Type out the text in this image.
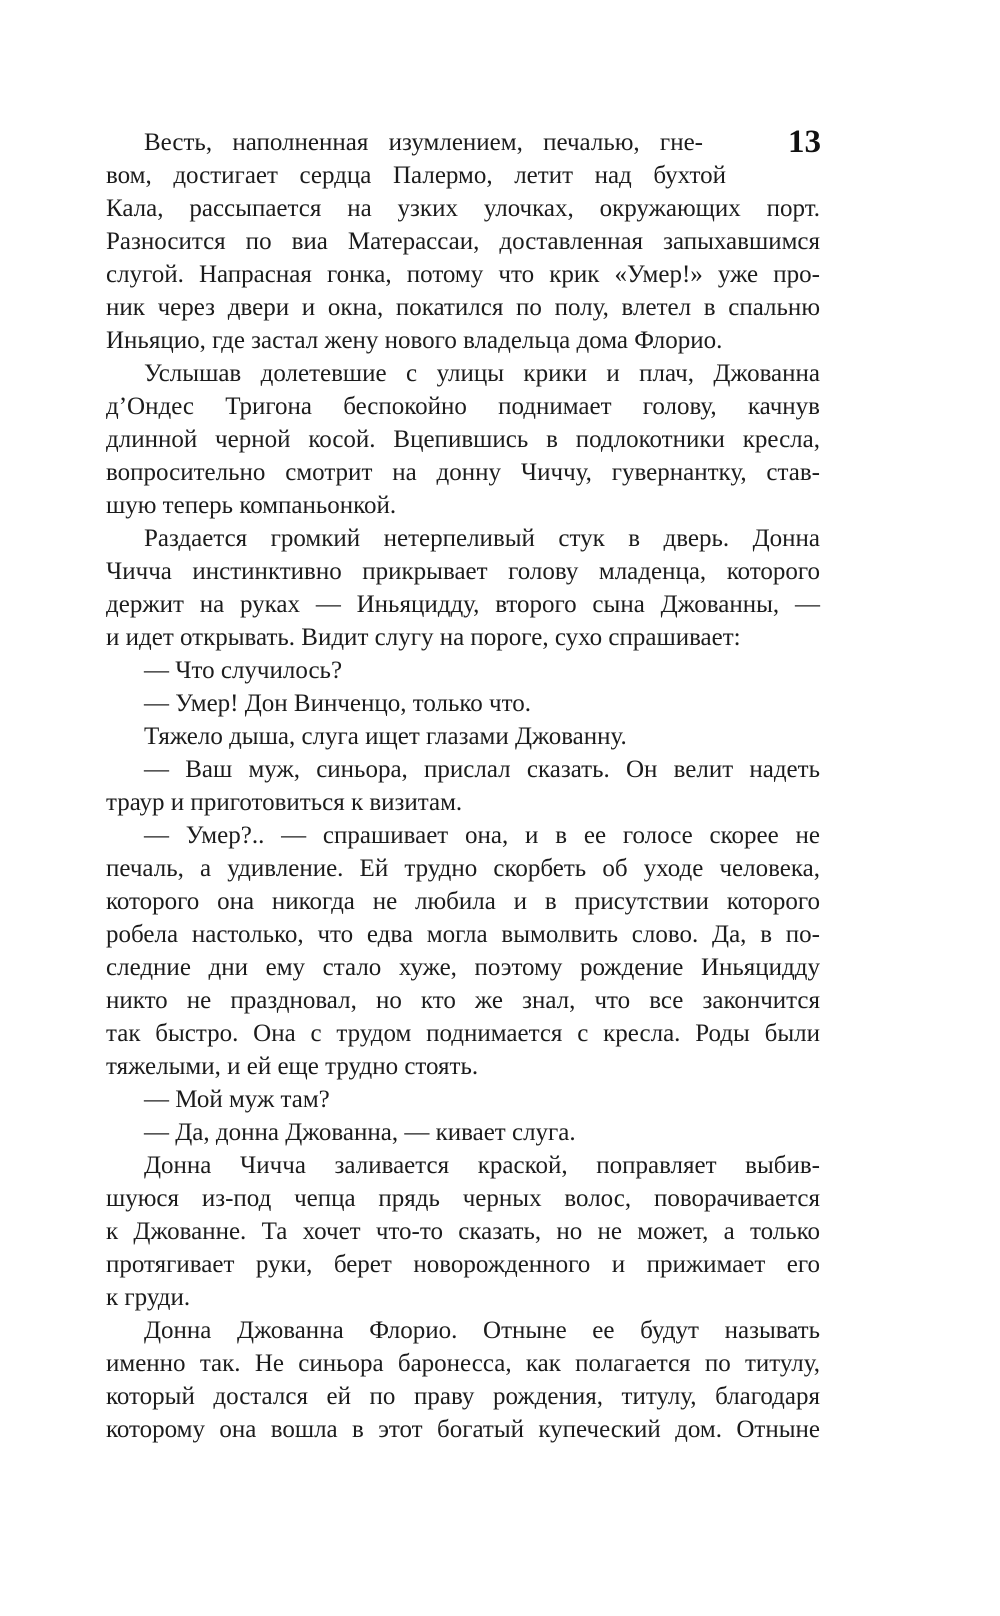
13
Весть, наполненная изумлением, печалью, гне-
вом, достигает сердца Палермо, летит над бухтой
Кала, рассыпается на узких улочках, окружающих порт.
Разносится по виа Матерассаи, доставленная запыхавшимся
слугой. Напрасная гонка, потому что крик «Умер!» уже про-
ник через двери и окна, покатился по полу, влетел в спальню
Иньяцио, где застал жену нового владельца дома Флорио.
Услышав долетевшие с улицы крики и плач, Джованна
д’Ондес Тригона беспокойно поднимает голову, качнув
длинной черной косой. Вцепившись в подлокотники кресла,
вопросительно смотрит на донну Чиччу, гувернантку, став-
шую теперь компаньонкой.
Раздается громкий нетерпеливый стук в дверь. Донна
Чичча инстинктивно прикрывает голову младенца, которого
держит на руках — Иньяцидду, второго сына Джованны, —
и идет открывать. Видит слугу на пороге, сухо спрашивает:
— Что случилось?
— Умер! Дон Винченцо, только что.
Тяжело дыша, слуга ищет глазами Джованну.
— Ваш муж, синьора, прислал сказать. Он велит надеть
траур и приготовиться к визитам.
— Умер?.. — спрашивает она, и в ее голосе скорее не
печаль, а удивление. Ей трудно скорбеть об уходе человека,
которого она никогда не любила и в присутствии которого
робела настолько, что едва могла вымолвить слово. Да, в по-
следние дни ему стало хуже, поэтому рождение Иньяцидду
никто не праздновал, но кто же знал, что все закончится
так быстро. Она с трудом поднимается с кресла. Роды были
тяжелыми, и ей еще трудно стоять.
— Мой муж там?
— Да, донна Джованна, — кивает слуга.
Донна Чичча заливается краской, поправляет выбив-
шуюся из-под чепца прядь черных волос, поворачивается
к Джованне. Та хочет что-то сказать, но не может, а только
протягивает руки, берет новорожденного и прижимает его
к груди.
Донна Джованна Флорио. Отныне ее будут называть
именно так. Не синьора баронесса, как полагается по титулу,
который достался ей по праву рождения, титулу, благодаря
которому она вошла в этот богатый купеческий дом. Отныне
